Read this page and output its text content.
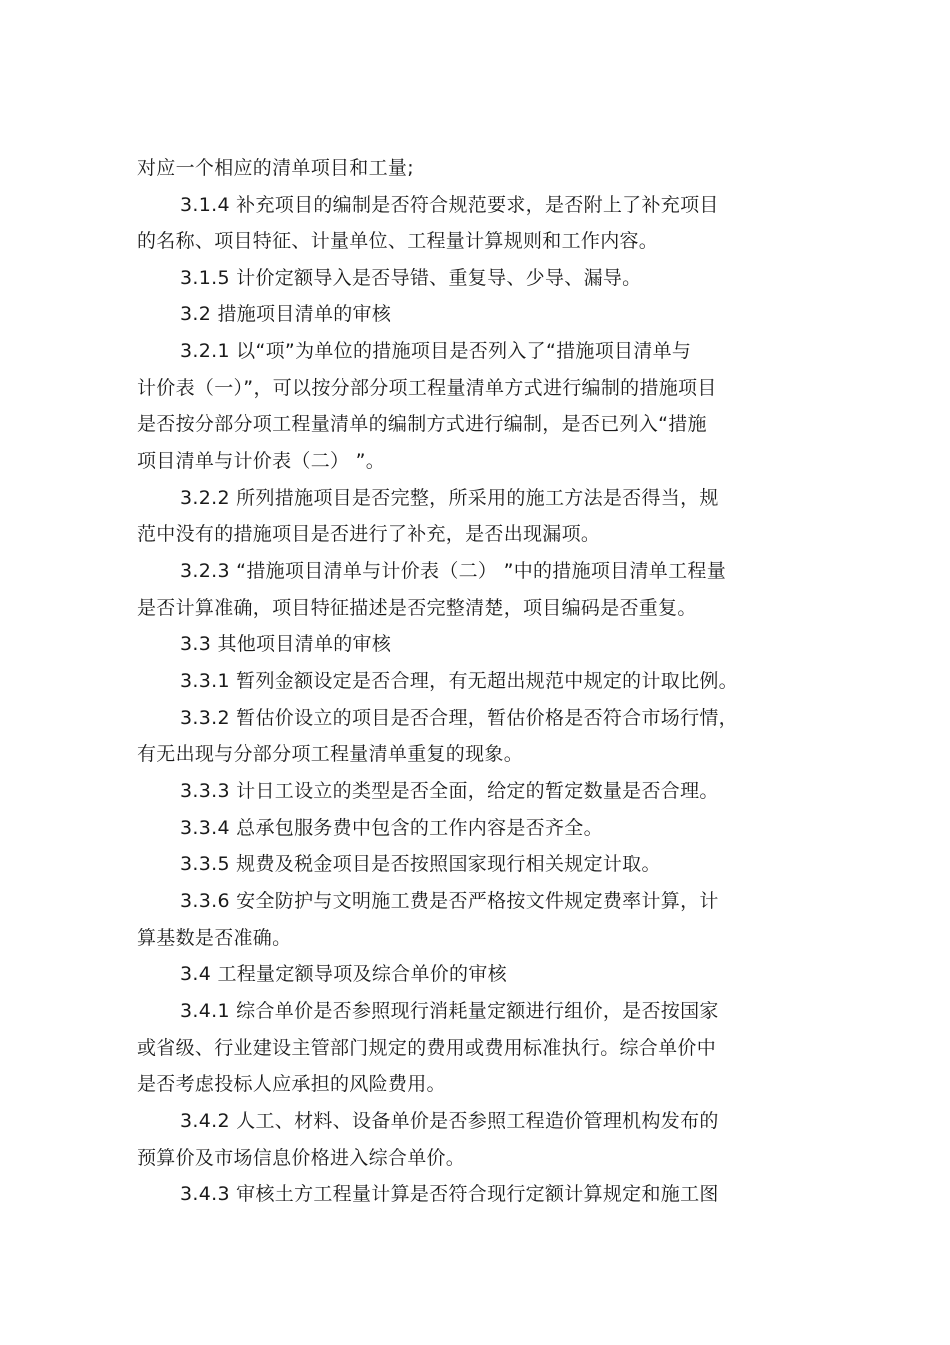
对应一个相应的清单项目和工量;
3.1.4 补充项目的编制是否符合规范要求，是否附上了补充项目
的名称、项目特征、计量单位、工程量计算规则和工作内容。
3.1.5 计价定额导入是否导错、重复导、少导、漏导。
3.2 措施项目清单的审核
3.2.1 以“项”为单位的措施项目是否列入了“措施项目清单与
计价表（一）”，可以按分部分项工程量清单方式进行编制的措施项目
是否按分部分项工程量清单的编制方式进行编制，是否已列入“措施
项目清单与计价表（二） ”。
3.2.2 所列措施项目是否完整，所采用的施工方法是否得当，规
范中没有的措施项目是否进行了补充，是否出现漏项。
3.2.3 “措施项目清单与计价表（二） ”中的措施项目清单工程量
是否计算准确，项目特征描述是否完整清楚，项目编码是否重复。
3.3 其他项目清单的审核
3.3.1 暂列金额设定是否合理，有无超出规范中规定的计取比例。
3.3.2 暂估价设立的项目是否合理，暂估价格是否符合市场行情，
有无出现与分部分项工程量清单重复的现象。
3.3.3 计日工设立的类型是否全面，给定的暂定数量是否合理。
3.3.4 总承包服务费中包含的工作内容是否齐全。
3.3.5 规费及税金项目是否按照国家现行相关规定计取。
3.3.6 安全防护与文明施工费是否严格按文件规定费率计算，计
算基数是否准确。
3.4 工程量定额导项及综合单价的审核
3.4.1 综合单价是否参照现行消耗量定额进行组价，是否按国家
或省级、行业建设主管部门规定的费用或费用标准执行。综合单价中
是否考虑投标人应承担的风险费用。
3.4.2 人工、材料、设备单价是否参照工程造价管理机构发布的
预算价及市场信息价格进入综合单价。
3.4.3 审核土方工程量计算是否符合现行定额计算规定和施工图
